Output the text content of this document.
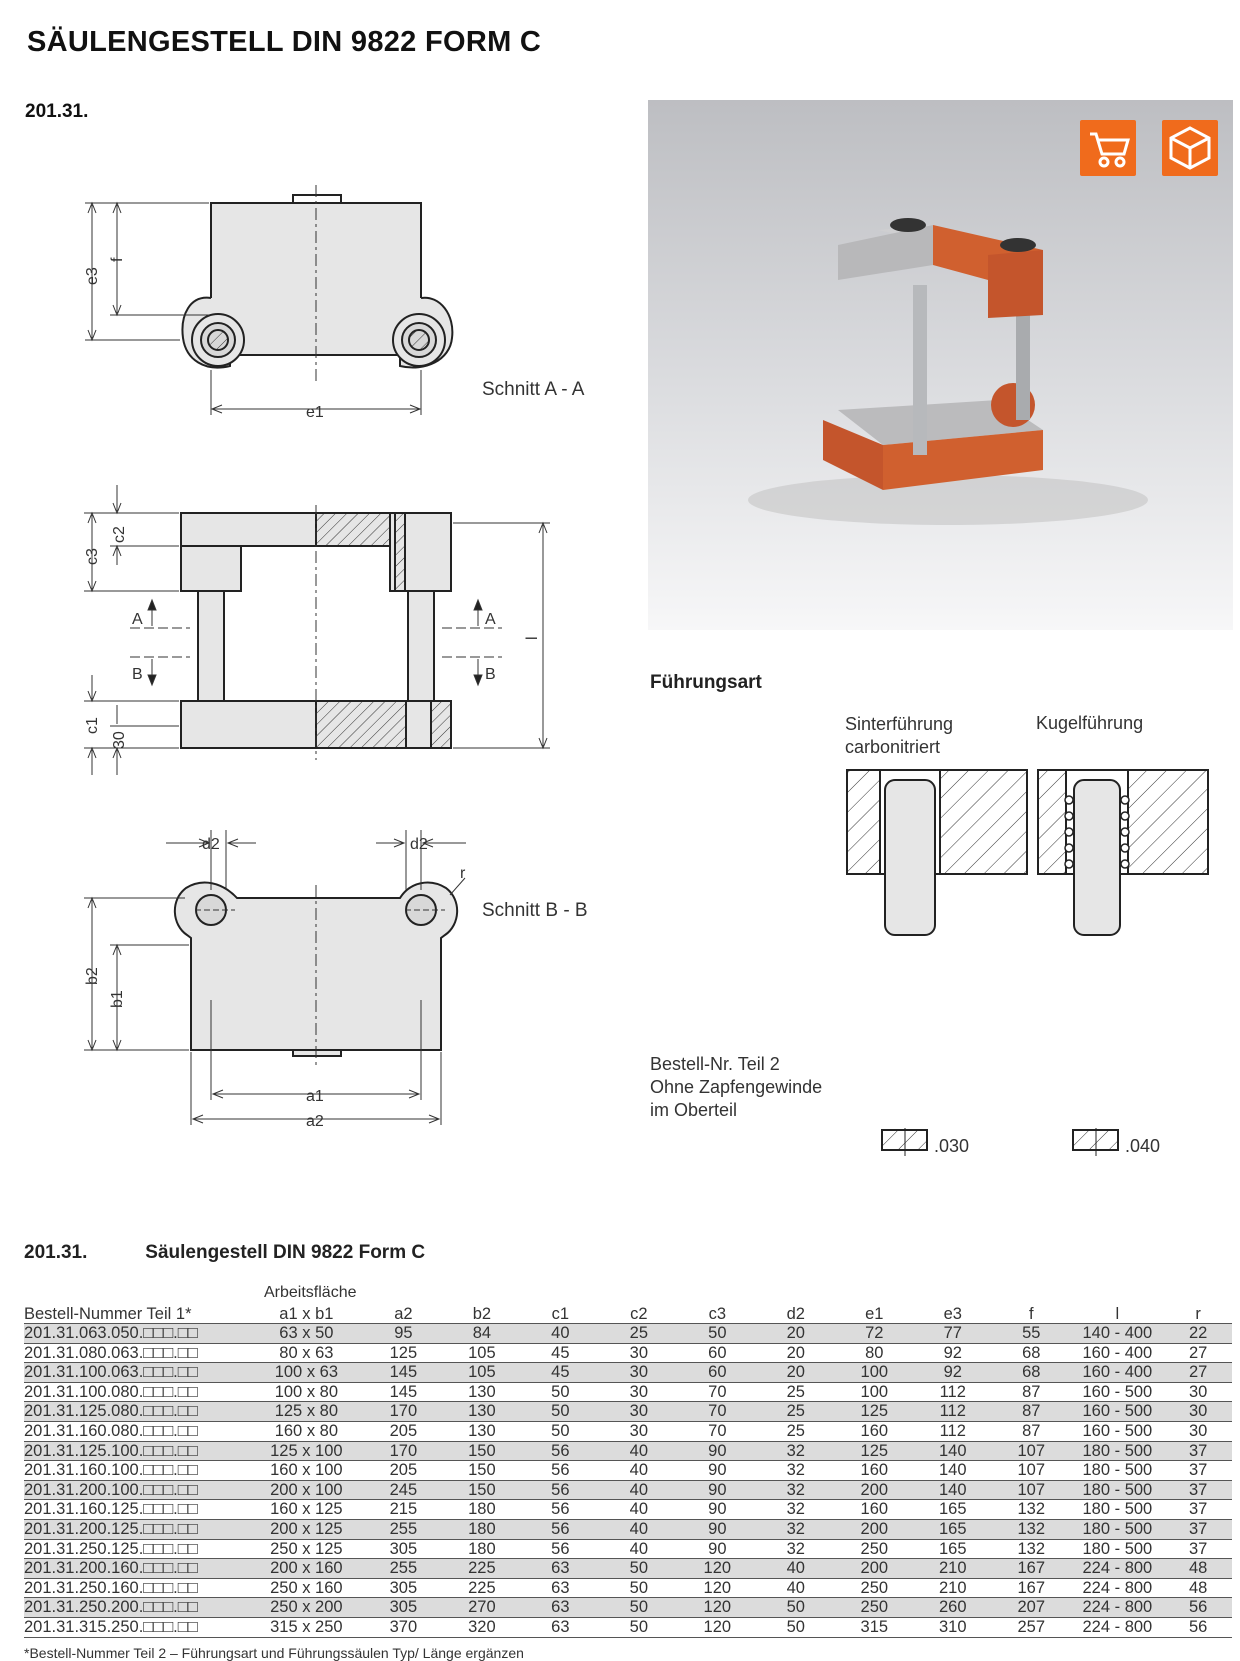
SÄULENGESTELL DIN 9822 FORM C
201.31.
e3
f
e1
c2
c3
c1
30
l
A
B
A
B
d2	d2
r
b2
b1
a1
a2
Schnitt A - A
Schnitt B - B
Führungsart
Sinterführung
carbonitriert
Kugelführung
Bestell-Nr. Teil 2
Ohne Zapfengewinde
im Oberteil
.030	.040
201.31.	Säulengestell DIN 9822 Form C
Arbeitsfläche
Bestell-Nummer Teil 1*	a1 x b1	a2	b2	c1	c2	c3	d2	e1	e3	f	l	r
201.31.063.050.□□□.□□	63 x 50	95	84	40	25	50	20	72	77	55	140 - 400	22
201.31.080.063.□□□.□□	80 x 63	125	105	45	30	60	20	80	92	68	160 - 400	27
201.31.100.063.□□□.□□	100 x 63	145	105	45	30	60	20	100	92	68	160 - 400	27
201.31.100.080.□□□.□□	100 x 80	145	130	50	30	70	25	100	112	87	160 - 500	30
201.31.125.080.□□□.□□	125 x 80	170	130	50	30	70	25	125	112	87	160 - 500	30
201.31.160.080.□□□.□□	160 x 80	205	130	50	30	70	25	160	112	87	160 - 500	30
201.31.125.100.□□□.□□	125 x 100	170	150	56	40	90	32	125	140	107	180 - 500	37
201.31.160.100.□□□.□□	160 x 100	205	150	56	40	90	32	160	140	107	180 - 500	37
201.31.200.100.□□□.□□	200 x 100	245	150	56	40	90	32	200	140	107	180 - 500	37
201.31.160.125.□□□.□□	160 x 125	215	180	56	40	90	32	160	165	132	180 - 500	37
201.31.200.125.□□□.□□	200 x 125	255	180	56	40	90	32	200	165	132	180 - 500	37
201.31.250.125.□□□.□□	250 x 125	305	180	56	40	90	32	250	165	132	180 - 500	37
201.31.200.160.□□□.□□	200 x 160	255	225	63	50	120	40	200	210	167	224 - 800	48
201.31.250.160.□□□.□□	250 x 160	305	225	63	50	120	40	250	210	167	224 - 800	48
201.31.250.200.□□□.□□	250 x 200	305	270	63	50	120	50	250	260	207	224 - 800	56
201.31.315.250.□□□.□□	315 x 250	370	320	63	50	120	50	315	310	257	224 - 800	56
*Bestell-Nummer Teil 2 – Führungsart und Führungssäulen Typ/ Länge ergänzen
